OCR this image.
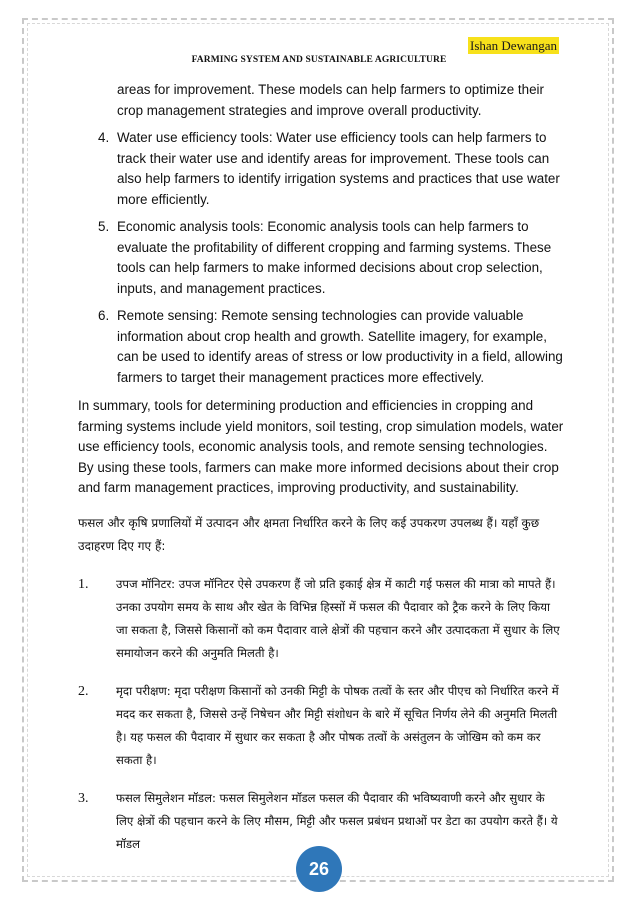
Ishan Dewangan
FARMING SYSTEM AND SUSTAINABLE AGRICULTURE

areas for improvement. These models can help farmers to optimize their crop management strategies and improve overall productivity.

4. Water use efficiency tools: Water use efficiency tools can help farmers to track their water use and identify areas for improvement. These tools can also help farmers to identify irrigation systems and practices that use water more efficiently.
5. Economic analysis tools: Economic analysis tools can help farmers to evaluate the profitability of different cropping and farming systems. These tools can help farmers to make informed decisions about crop selection, inputs, and management practices.
6. Remote sensing: Remote sensing technologies can provide valuable information about crop health and growth. Satellite imagery, for example, can be used to identify areas of stress or low productivity in a field, allowing farmers to target their management practices more effectively.
In summary, tools for determining production and efficiencies in cropping and farming systems include yield monitors, soil testing, crop simulation models, water use efficiency tools, economic analysis tools, and remote sensing technologies. By using these tools, farmers can make more informed decisions about their crop and farm management practices, improving productivity, and sustainability.
फसल और कृषि प्रणालियों में उत्पादन और क्षमता निर्धारित करने के लिए कई उपकरण उपलब्ध हैं। यहाँ कुछ उदाहरण दिए गए हैं:
1.	उपज मॉनिटर: उपज मॉनिटर ऐसे उपकरण हैं जो प्रति इकाई क्षेत्र में काटी गई फसल की मात्रा को मापते हैं। उनका उपयोग समय के साथ और खेत के विभिन्न हिस्सों में फसल की पैदावार को ट्रैक करने के लिए किया जा सकता है, जिससे किसानों को कम पैदावार वाले क्षेत्रों की पहचान करने और उत्पादकता में सुधार के लिए समायोजन करने की अनुमति मिलती है।
2.	मृदा परीक्षण: मृदा परीक्षण किसानों को उनकी मिट्टी के पोषक तत्वों के स्तर और पीएच को निर्धारित करने में मदद कर सकता है, जिससे उन्हें निषेचन और मिट्टी संशोधन के बारे में सूचित निर्णय लेने की अनुमति मिलती है। यह फसल की पैदावार में सुधार कर सकता है और पोषक तत्वों के असंतुलन के जोखिम को कम कर सकता है।
3.	फसल सिमुलेशन मॉडल: फसल सिमुलेशन मॉडल फसल की पैदावार की भविष्यवाणी करने और सुधार के लिए क्षेत्रों की पहचान करने के लिए मौसम, मिट्टी और फसल प्रबंधन प्रथाओं पर डेटा का उपयोग करते हैं। ये मॉडल
26
